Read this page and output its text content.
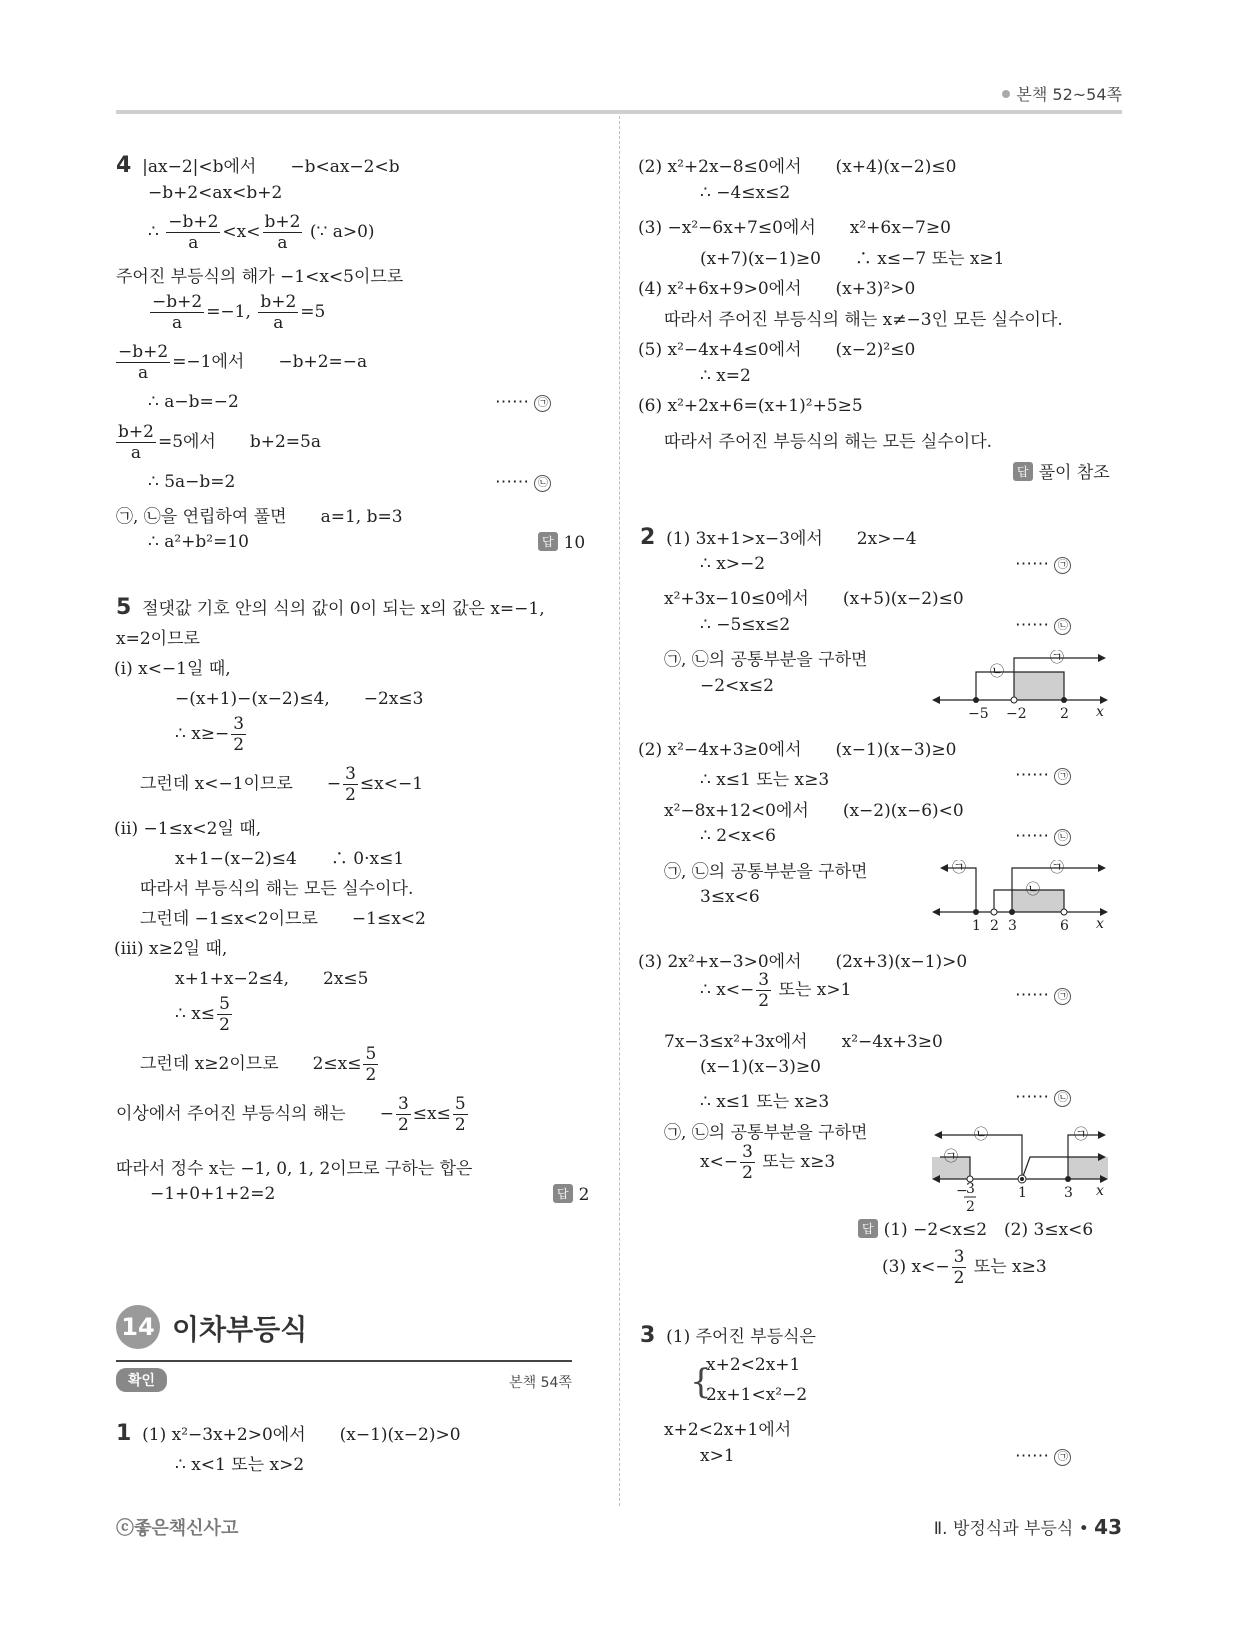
본책 52~54쪽
4 |ax−2|<b에서　　−b<ax−2<b
−b+2<ax<b+2
∴ $\frac{-b+2}{a} <x< \frac{b+2}{a}$ (∵ a>0)
주어진 부등식의 해가 −1<x<5이므로
$\frac{-b+2}{a} =-1$, $\frac{b+2}{a} =5$
$\frac{-b+2}{a} =-1$에서　　−b+2=−a
∴ a−b=−2	⋯⋯ ㉠
$\frac{b+2}{a} =5$에서　　b+2=5a
∴ 5a−b=2	⋯⋯ ㉡
㉠, ㉡을 연립하여 풀면　　a=1, b=3
∴ a²+b²=10	답 10
5 절댓값 기호 안의 식의 값이 0이 되는 x의 값은 x=−1,
x=2이므로
(ⅰ) x<−1일 때,
−(x+1)−(x−2)≤4,　　−2x≤3
∴ $x\ge- \frac{3}{2}$
그런데 x<−1이므로　　− $\frac{3}{2} \le x<-1$
(ⅱ) −1≤x<2일 때,
x+1−(x−2)≤4　　∴ 0·x≤1
따라서 부등식의 해는 모든 실수이다.
그런데 −1≤x<2이므로　　−1≤x<2
(ⅲ) x≥2일 때,
x+1+x−2≤4,　　2x≤5
∴ $x\le \frac{5}{2}$
그런데 x≥2이므로　　$2\le x\le \frac{5}{2}$
이상에서 주어진 부등식의 해는　　− $\frac{3}{2} \le x\le \frac{5}{2}$
따라서 정수 x는 −1, 0, 1, 2이므로 구하는 합은
−1+0+1+2=2	답 2
14 이차부등식
확인	본책 54쪽
1 (1) x²−3x+2>0에서　　(x−1)(x−2)>0
∴ x<1 또는 x>2
(2) x²+2x−8≤0에서　　(x+4)(x−2)≤0
∴ −4≤x≤2
(3) −x²−6x+7≤0에서　　x²+6x−7≥0
(x+7)(x−1)≥0　　∴ x≤−7 또는 x≥1
(4) x²+6x+9>0에서　　(x+3)²>0
따라서 주어진 부등식의 해는 x≠−3인 모든 실수이다.
(5) x²−4x+4≤0에서　　(x−2)²≤0
∴ x=2
(6) x²+2x+6=(x+1)²+5≥5
따라서 주어진 부등식의 해는 모든 실수이다.
답 풀이 참조
2 (1) 3x+1>x−3에서　　2x>−4
∴ x>−2	⋯⋯ ㉠
x²+3x−10≤0에서　　(x+5)(x−2)≤0
∴ −5≤x≤2	⋯⋯ ㉡
㉠, ㉡의 공통부분을 구하면
−2<x≤2
−5 −2 2 x
㉡
㉠
(2) x²−4x+3≥0에서　　(x−1)(x−3)≥0
∴ x≤1 또는 x≥3	⋯⋯ ㉠
x²−8x+12<0에서　　(x−2)(x−6)<0
∴ 2<x<6	⋯⋯ ㉡
㉠, ㉡의 공통부분을 구하면
3≤x<6
1 2 3	6 x
㉠	㉠
㉡
(3) 2x²+x−3>0에서　　(2x+3)(x−1)>0
∴ $x<- \frac{3}{2}$ 또는 x>1	⋯⋯ ㉠
7x−3≤x²+3x에서　　x²−4x+3≥0
(x−1)(x−3)≥0
∴ x≤1 또는 x≥3	⋯⋯ ㉡
㉠, ㉡의 공통부분을 구하면
$x<- \frac{3}{2}$ 또는 x≥3
−
3
2
1	3 x
㉡
㉠
㉠
답 (1) −2<x≤2　(2) 3≤x<6
(3) $x<- \frac{3}{2}$ 또는 x≥3
3 (1) 주어진 부등식은
{
x+2<2x+1
2x+1<x²−2
x+2<2x+1에서
x>1	⋯⋯ ㉠
ⓒ좋은책신사고	Ⅱ. 방정식과 부등식 • 43
